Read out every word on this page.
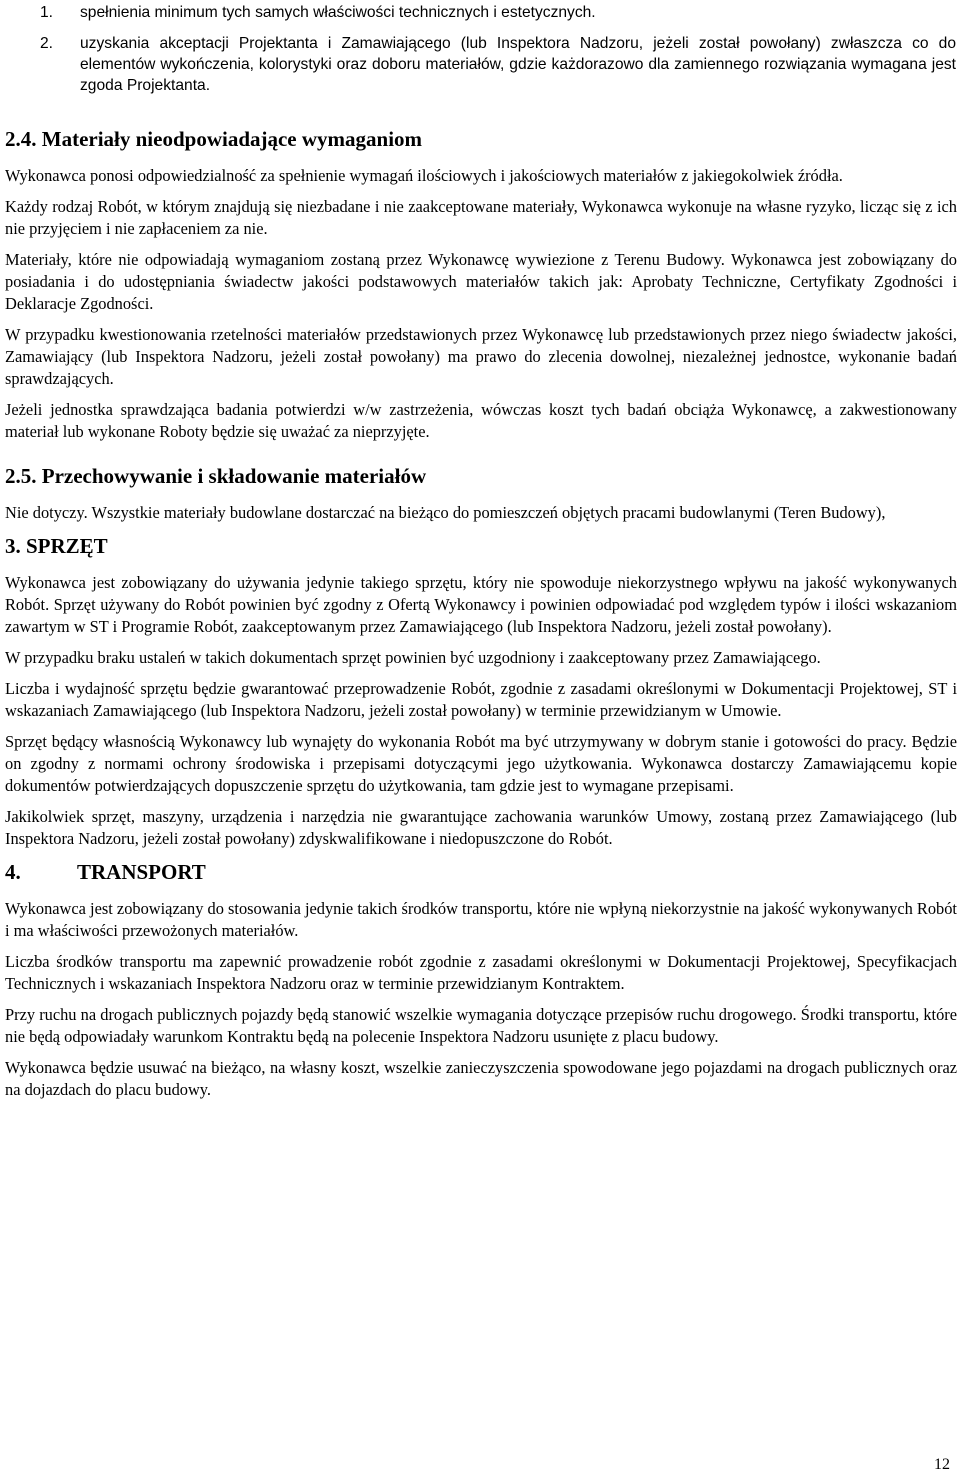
1. spełnienia minimum tych samych właściwości technicznych i estetycznych.
2. uzyskania akceptacji Projektanta i Zamawiającego (lub Inspektora Nadzoru, jeżeli został powołany) zwłaszcza co do elementów wykończenia, kolorystyki oraz doboru materiałów, gdzie każdorazowo dla zamiennego rozwiązania wymagana jest zgoda Projektanta.
2.4. Materiały nieodpowiadające wymaganiom

Wykonawca ponosi odpowiedzialność za spełnienie wymagań ilościowych i jakościowych materiałów z jakiegokolwiek źródła.

Każdy rodzaj Robót, w którym znajdują się niezbadane i nie zaakceptowane materiały, Wykonawca wykonuje na własne ryzyko, licząc się z ich nie przyjęciem i nie zapłaceniem za nie.

Materiały, które nie odpowiadają wymaganiom zostaną przez Wykonawcę wywiezione z Terenu Budowy. Wykonawca jest zobowiązany do posiadania i do udostępniania świadectw jakości podstawowych materiałów takich jak: Aprobaty Techniczne, Certyfikaty Zgodności i Deklaracje Zgodności.

W przypadku kwestionowania rzetelności materiałów przedstawionych przez Wykonawcę lub przedstawionych przez niego świadectw jakości, Zamawiający (lub Inspektora Nadzoru, jeżeli został powołany) ma prawo do zlecenia dowolnej, niezależnej jednostce, wykonanie badań sprawdzających.

Jeżeli jednostka sprawdzająca badania potwierdzi w/w zastrzeżenia, wówczas koszt tych badań obciąża Wykonawcę, a zakwestionowany materiał lub wykonane Roboty będzie się uważać za nieprzyjęte.

2.5. Przechowywanie i składowanie materiałów

Nie dotyczy. Wszystkie materiały budowlane dostarczać na bieżąco do pomieszczeń objętych pracami budowlanymi (Teren Budowy),

3. SPRZĘT

Wykonawca jest zobowiązany do używania jedynie takiego sprzętu, który nie spowoduje niekorzystnego wpływu na jakość wykonywanych Robót. Sprzęt używany do Robót powinien być zgodny z Ofertą Wykonawcy i powinien odpowiadać pod względem typów i ilości wskazaniom zawartym w ST i Programie Robót, zaakceptowanym przez Zamawiającego (lub Inspektora Nadzoru, jeżeli został powołany).

W przypadku braku ustaleń w takich dokumentach sprzęt powinien być uzgodniony i zaakceptowany przez Zamawiającego.

Liczba i wydajność sprzętu będzie gwarantować przeprowadzenie Robót, zgodnie z zasadami określonymi w Dokumentacji Projektowej, ST i wskazaniach Zamawiającego (lub Inspektora Nadzoru, jeżeli został powołany) w terminie przewidzianym w Umowie.

Sprzęt będący własnością Wykonawcy lub wynajęty do wykonania Robót ma być utrzymywany w dobrym stanie i gotowości do pracy. Będzie on zgodny z normami ochrony środowiska i przepisami dotyczącymi jego użytkowania. Wykonawca dostarczy Zamawiającemu kopie dokumentów potwierdzających dopuszczenie sprzętu do użytkowania, tam gdzie jest to wymagane przepisami.

Jakikolwiek sprzęt, maszyny, urządzenia i narzędzia nie gwarantujące zachowania warunków Umowy, zostaną przez Zamawiającego (lub Inspektora Nadzoru, jeżeli został powołany) zdyskwalifikowane i niedopuszczone do Robót.

4.	TRANSPORT

Wykonawca jest zobowiązany do stosowania jedynie takich środków transportu, które nie wpłyną niekorzystnie na jakość wykonywanych Robót i ma właściwości przewożonych materiałów.

Liczba środków transportu ma zapewnić prowadzenie robót zgodnie z zasadami określonymi w Dokumentacji Projektowej, Specyfikacjach Technicznych i wskazaniach Inspektora Nadzoru oraz w terminie przewidzianym Kontraktem.

Przy ruchu na drogach publicznych pojazdy będą stanowić wszelkie wymagania dotyczące przepisów ruchu drogowego. Środki transportu, które nie będą odpowiadały warunkom Kontraktu będą na polecenie Inspektora Nadzoru usunięte z placu budowy.

Wykonawca będzie usuwać na bieżąco, na własny koszt, wszelkie zanieczyszczenia spowodowane jego pojazdami na drogach publicznych oraz na dojazdach do placu budowy.

12
